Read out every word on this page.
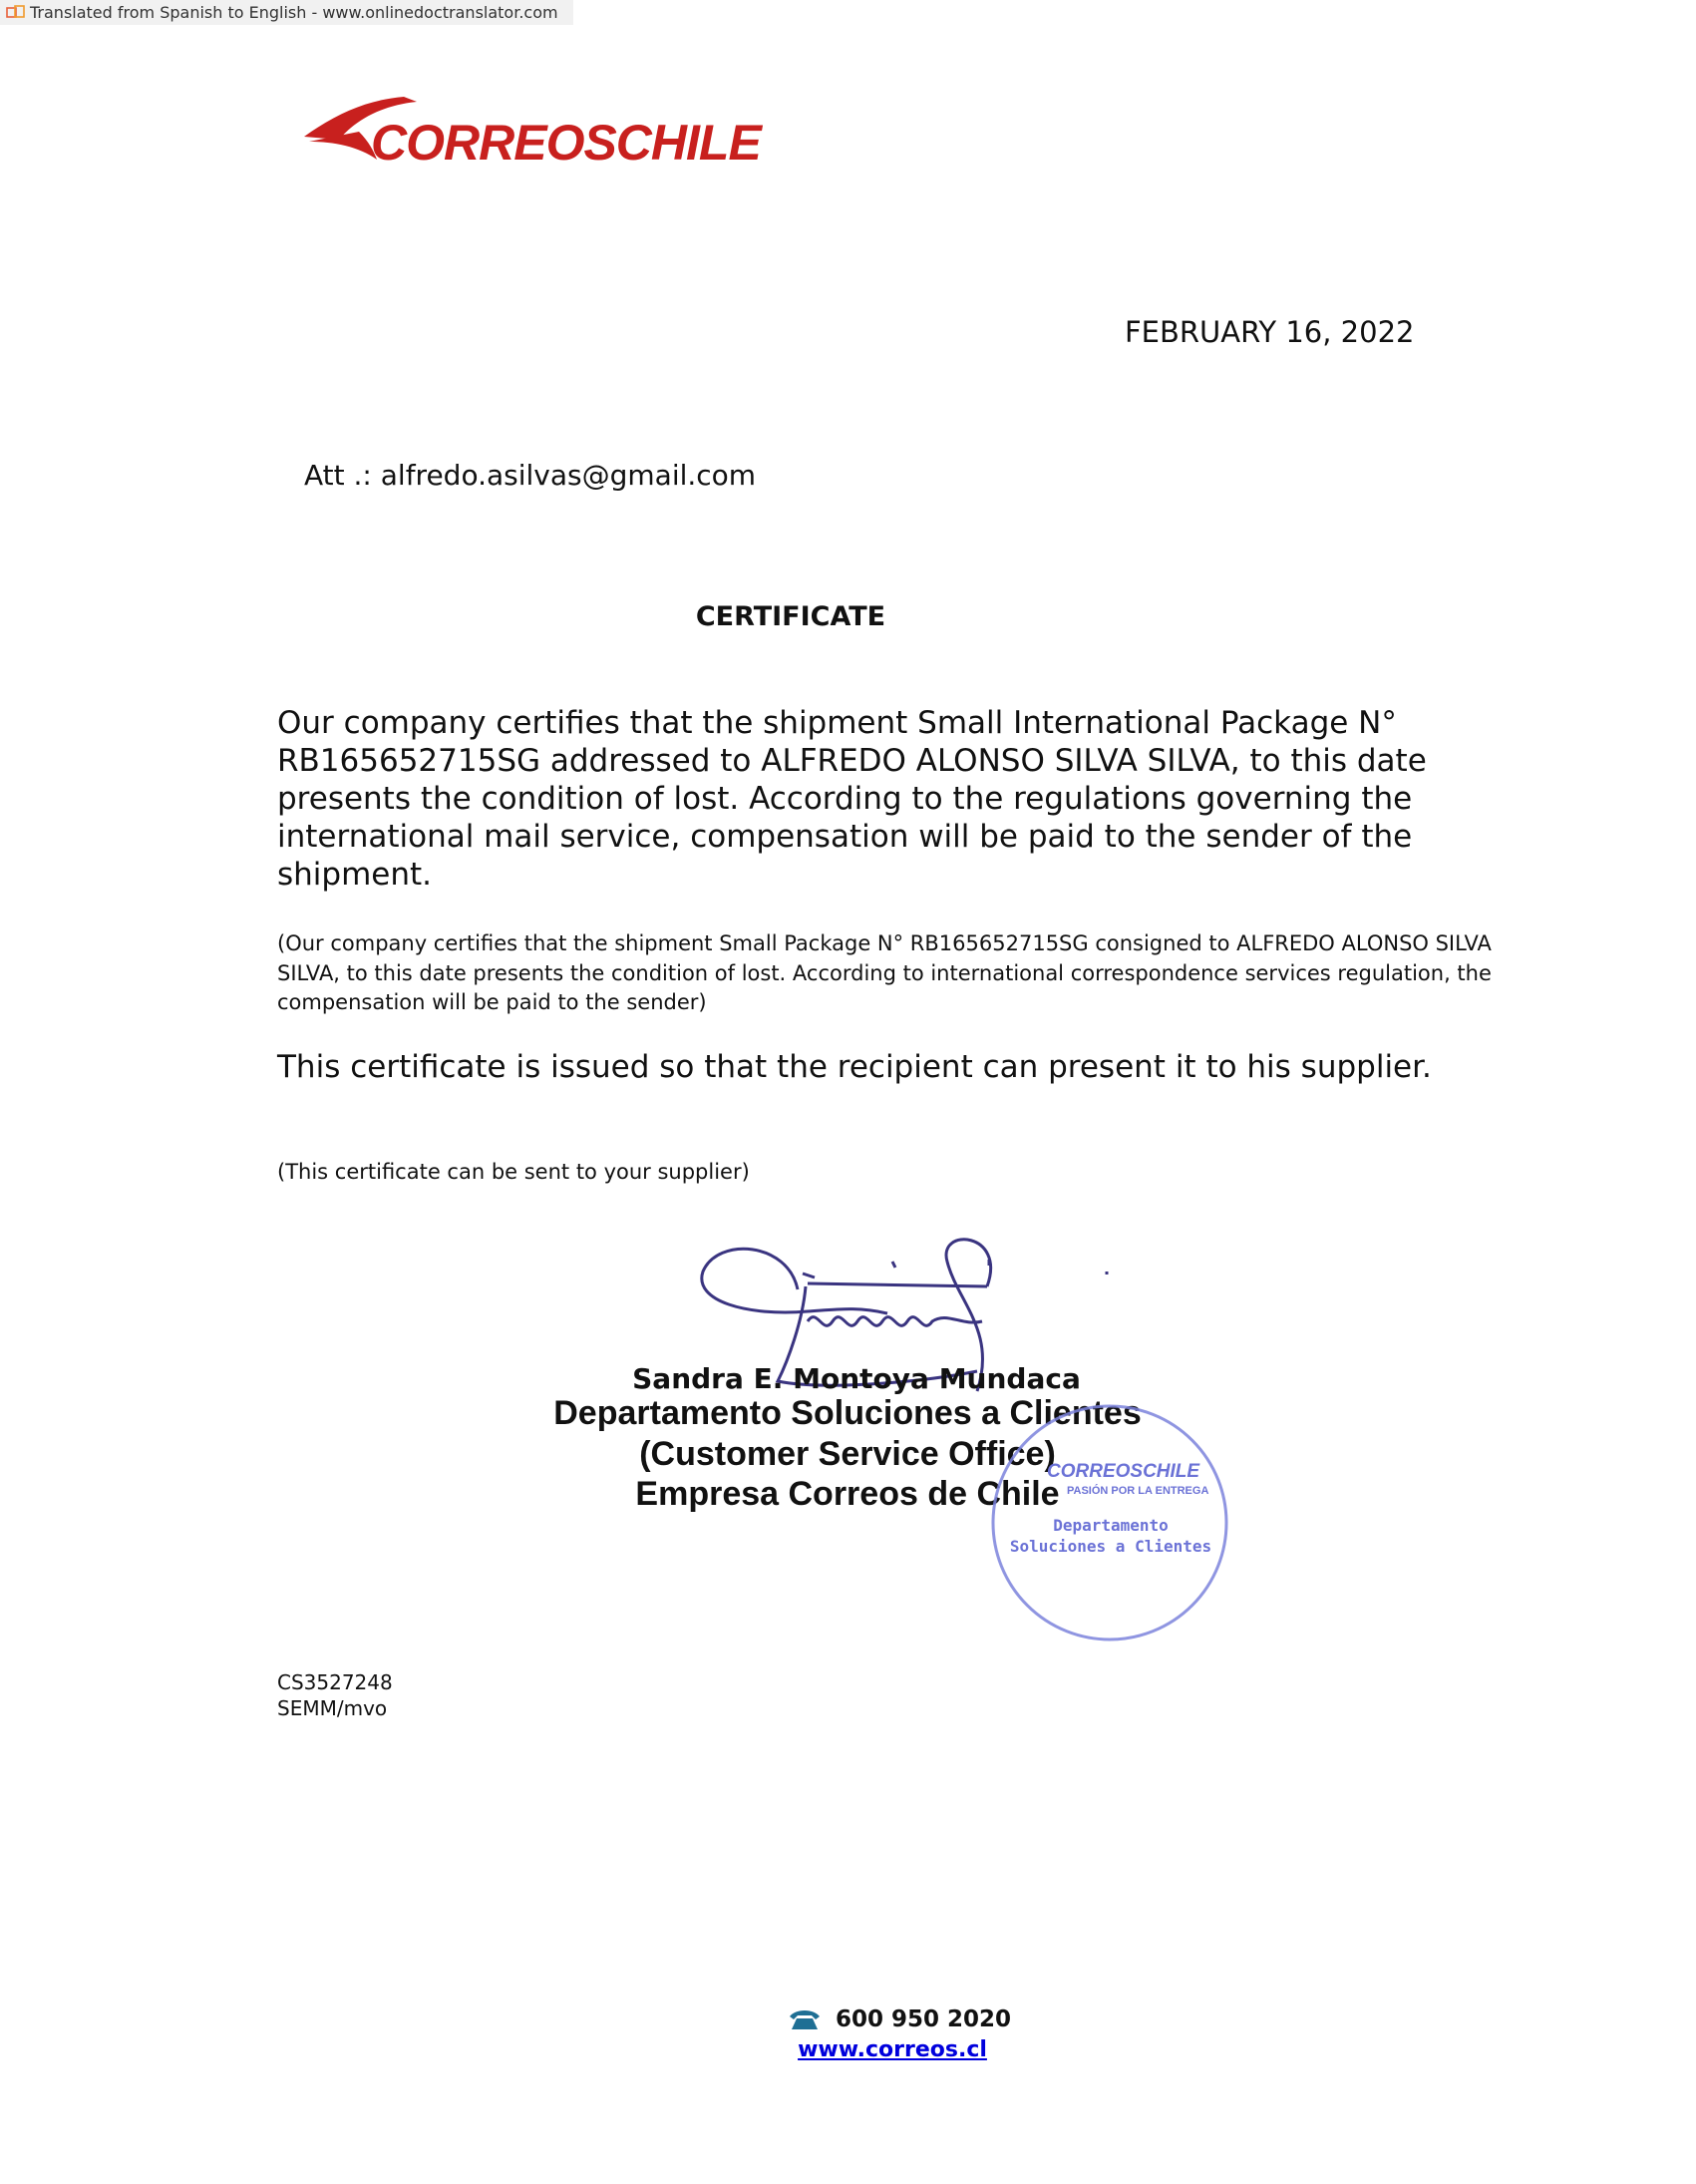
Translated from Spanish to English - www.onlinedoctranslator.com
CORREOSCHILE
FEBRUARY 16, 2022
Att .: alfredo.asilvas@gmail.com
CERTIFICATE
Our company certifies that the shipment Small International Package N° RB165652715SG addressed to ALFREDO ALONSO SILVA SILVA, to this date presents the condition of lost. According to the regulations governing the international mail service, compensation will be paid to the sender of the shipment.
(Our company certifies that the shipment Small Package N° RB165652715SG consigned to ALFREDO ALONSO SILVA SILVA, to this date presents the condition of lost. According to international correspondence services regulation, the compensation will be paid to the sender)
This certificate is issued so that the recipient can present it to his supplier.
(This certificate can be sent to your supplier)
Sandra E. Montoya Mundaca
Departamento Soluciones a Clientes
(Customer Service Office)
Empresa Correos de Chile
CORREOSCHILE
PASIÓN POR LA ENTREGA
Departamento
Soluciones a Clientes
CS3527248
SEMM/mvo
600 950 2020
www.correos.cl
